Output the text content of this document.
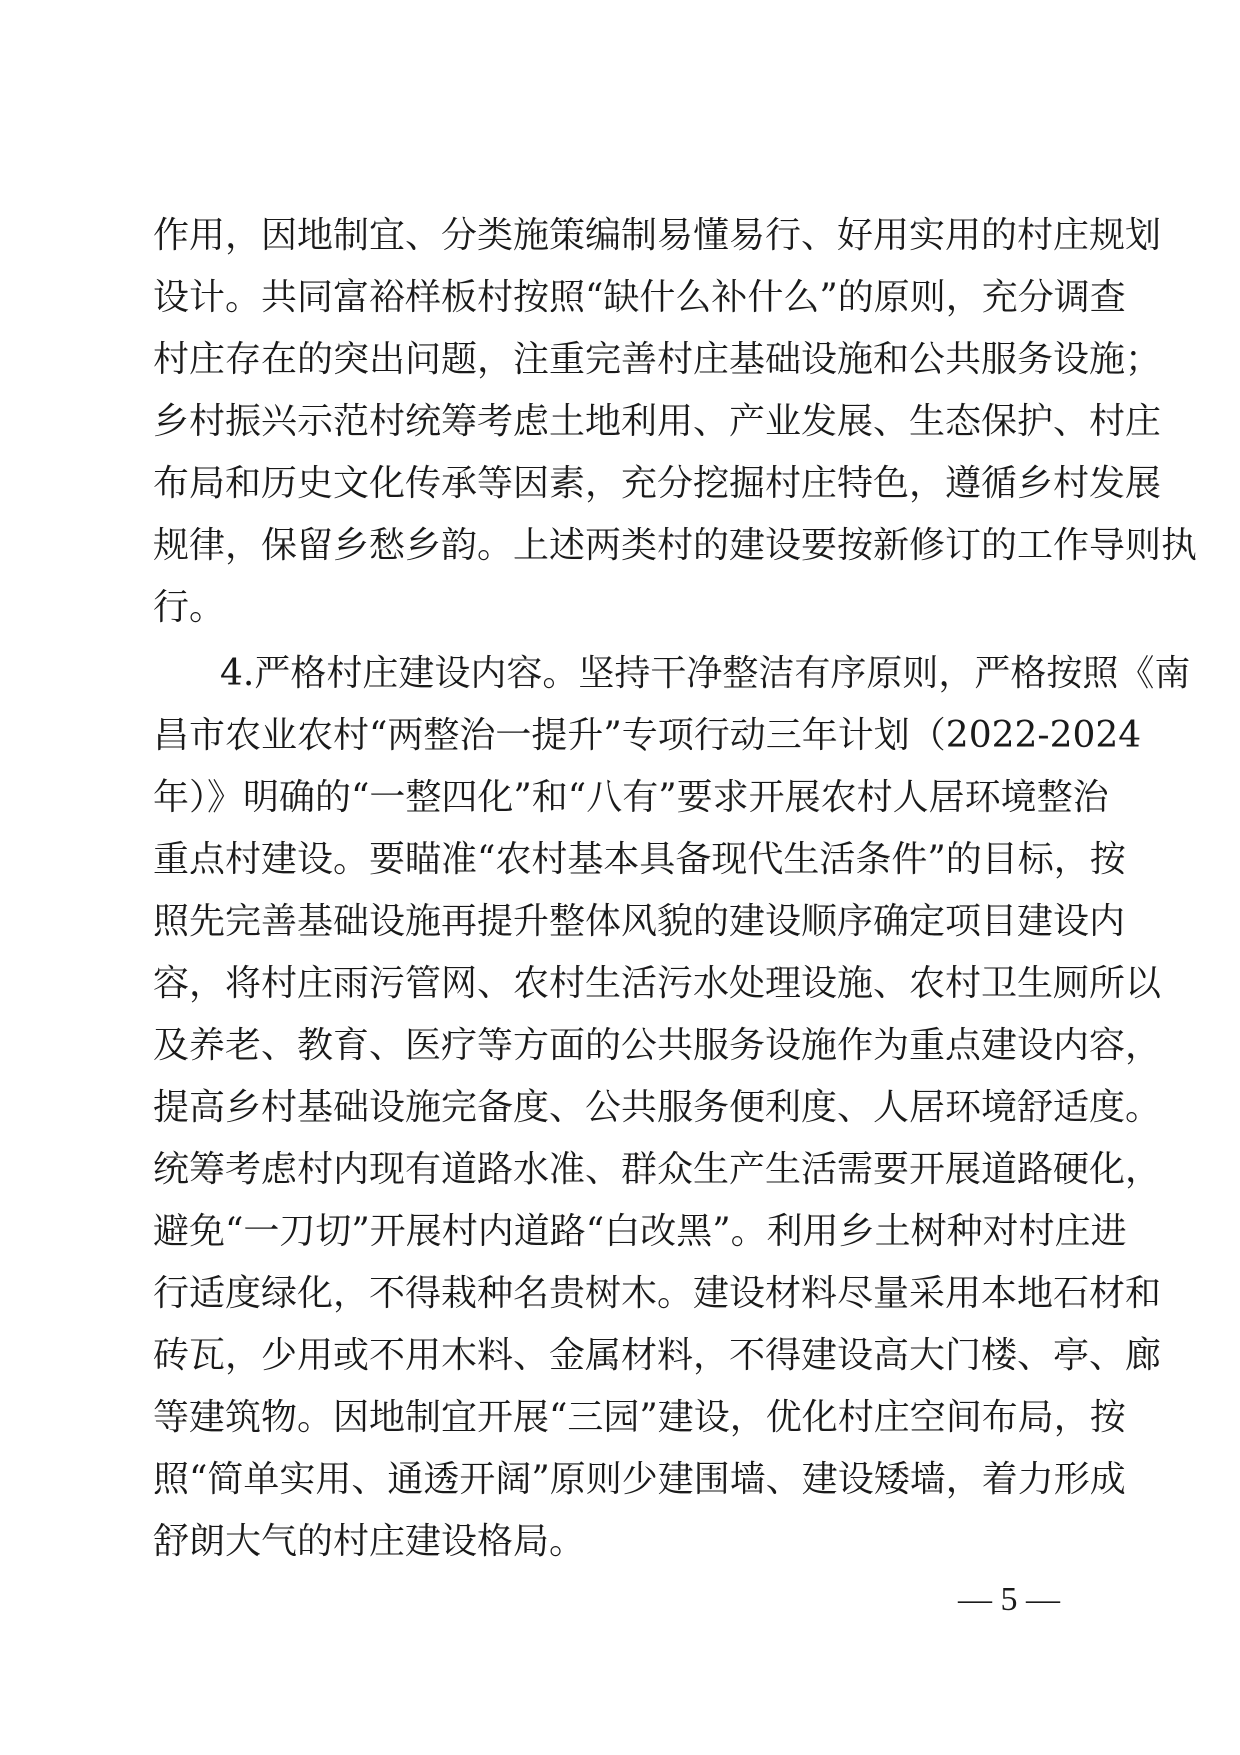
作用，因地制宜、分类施策编制易懂易行、好用实用的村庄规划
设计。共同富裕样板村按照“缺什么补什么”的原则，充分调查
村庄存在的突出问题，注重完善村庄基础设施和公共服务设施；
乡村振兴示范村统筹考虑土地利用、产业发展、生态保护、村庄
布局和历史文化传承等因素，充分挖掘村庄特色，遵循乡村发展
规律，保留乡愁乡韵。上述两类村的建设要按新修订的工作导则执
行。
4.严格村庄建设内容。坚持干净整洁有序原则，严格按照《南
昌市农业农村“两整治一提升”专项行动三年计划（2022-2024
年）》明确的“一整四化”和“八有”要求开展农村人居环境整治
重点村建设。要瞄准“农村基本具备现代生活条件”的目标，按
照先完善基础设施再提升整体风貌的建设顺序确定项目建设内
容，将村庄雨污管网、农村生活污水处理设施、农村卫生厕所以
及养老、教育、医疗等方面的公共服务设施作为重点建设内容，
提高乡村基础设施完备度、公共服务便利度、人居环境舒适度。
统筹考虑村内现有道路水准、群众生产生活需要开展道路硬化，
避免“一刀切”开展村内道路“白改黑”。利用乡土树种对村庄进
行适度绿化，不得栽种名贵树木。建设材料尽量采用本地石材和
砖瓦，少用或不用木料、金属材料，不得建设高大门楼、亭、廊
等建筑物。因地制宜开展“三园”建设，优化村庄空间布局，按
照“简单实用、通透开阔”原则少建围墙、建设矮墙，着力形成
舒朗大气的村庄建设格局。
— 5 —
